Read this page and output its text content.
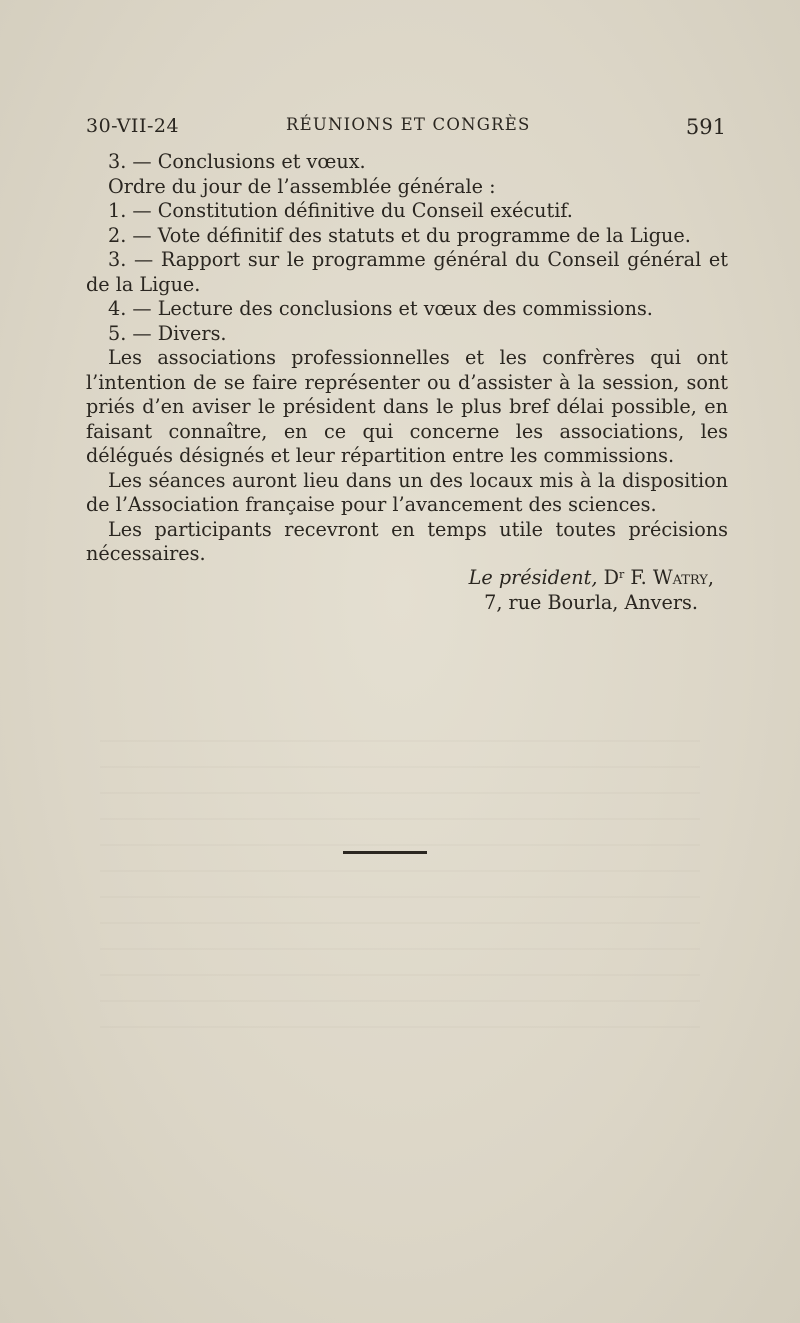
30-VII-24	RÉUNIONS ET CONGRÈS	591

3. — Conclusions et vœux.

Ordre du jour de l’assemblée générale :

1. — Constitution définitive du Conseil exécutif.

2. — Vote définitif des statuts et du programme de la Ligue.

3. — Rapport sur le programme général du Conseil général et de la Ligue.

4. — Lecture des conclusions et vœux des commissions.

5. — Divers.

Les associations professionnelles et les confrères qui ont l’intention de se faire représenter ou d’assister à la session, sont priés d’en aviser le président dans le plus bref délai possible, en faisant connaître, en ce qui concerne les associations, les délégués désignés et leur répartition entre les commissions.

Les séances auront lieu dans un des locaux mis à la disposition de l’Association française pour l’avancement des sciences.

Les participants recevront en temps utile toutes précisions nécessaires.

Le président, $D^r$ F. Watry,
7, rue Bourla, Anvers.
